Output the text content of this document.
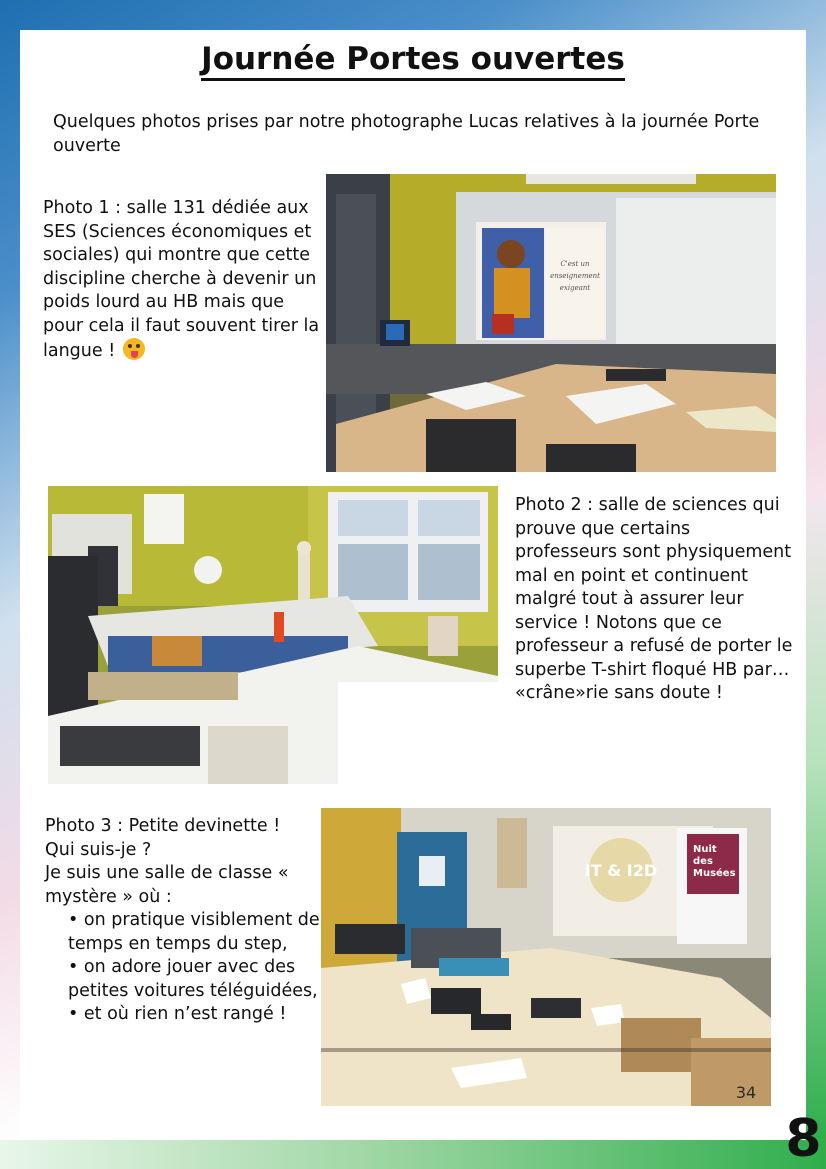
Journée Portes ouvertes
Quelques photos prises par notre photographe Lucas relatives à la journée Porte ouverte
Photo 1 : salle 131 dédiée aux SES (Sciences économiques et sociales) qui montre que cette discipline cherche à devenir un poids lourd au HB mais que pour cela il faut souvent tirer la langue !
C'est un
enseignement
exigeant
Photo 2 : salle de sciences qui prouve que certains professeurs sont physiquement mal en point et continuent malgré tout à assurer leur service ! Notons que ce professeur a refusé de porter le superbe T-shirt floqué HB par… «crâne»rie sans doute !
Photo 3 : Petite devinette !
Qui suis-je ?
Je suis une salle de classe « mystère » où :
• on pratique visiblement de temps en temps du step,
• on adore jouer avec des petites voitures téléguidées,
• et où rien n’est rangé !
IT & I2D
Nuit
des
Musées
34
8
